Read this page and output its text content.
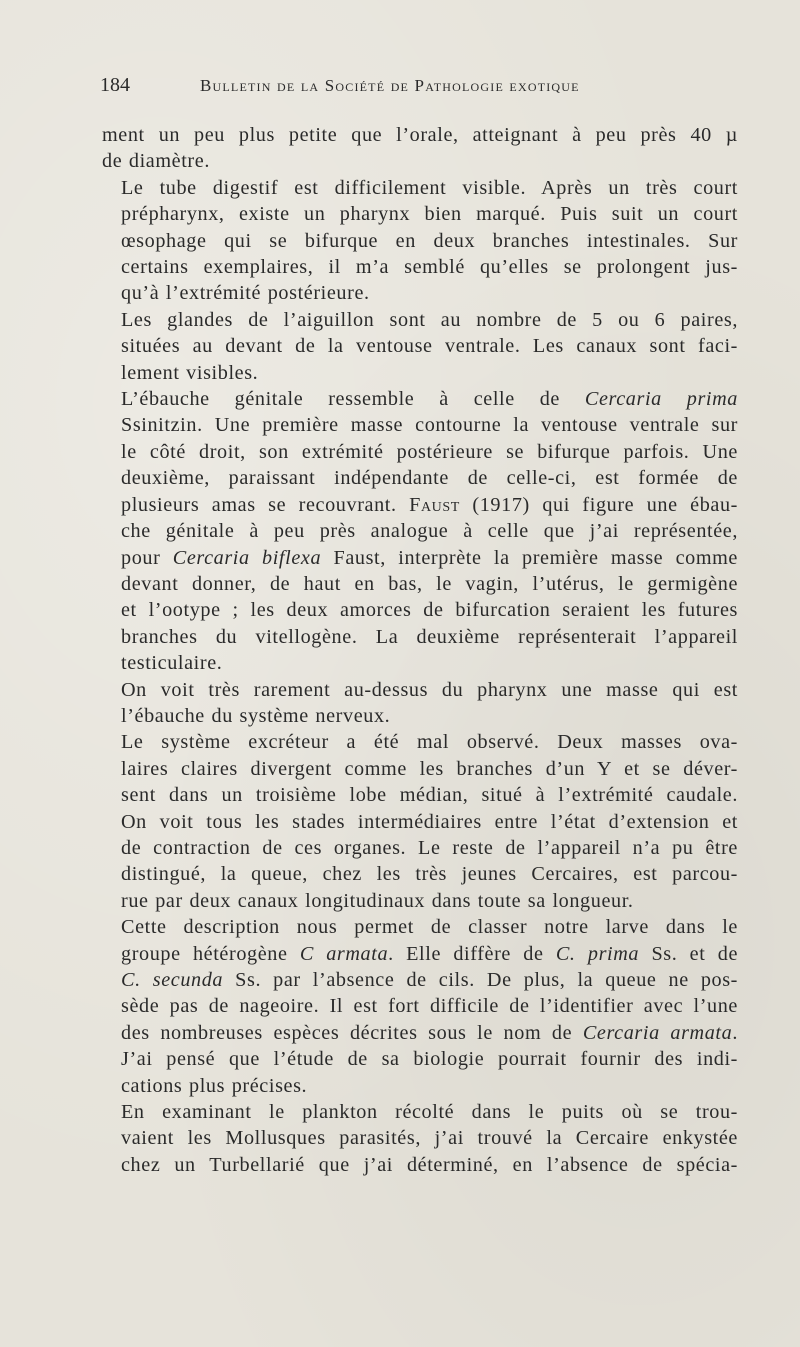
184	Bulletin de la Société de Pathologie exotique

ment un peu plus petite que l’orale, atteignant à peu près 40 µ
de diamètre.

Le tube digestif est difficilement visible. Après un très court
prépharynx, existe un pharynx bien marqué. Puis suit un court
œsophage qui se bifurque en deux branches intestinales. Sur
certains exemplaires, il m’a semblé qu’elles se prolongent jus-
qu’à l’extrémité postérieure.

Les glandes de l’aiguillon sont au nombre de 5 ou 6 paires,
situées au devant de la ventouse ventrale. Les canaux sont faci-
lement visibles.

L’ébauche génitale ressemble à celle de Cercaria prima
Ssinitzin. Une première masse contourne la ventouse ventrale sur
le côté droit, son extrémité postérieure se bifurque parfois. Une
deuxième, paraissant indépendante de celle-ci, est formée de
plusieurs amas se recouvrant. Faust (1917) qui figure une ébau-
che génitale à peu près analogue à celle que j’ai représentée,
pour Cercaria biflexa Faust, interprète la première masse comme
devant donner, de haut en bas, le vagin, l’utérus, le germigène
et l’ootype ; les deux amorces de bifurcation seraient les futures
branches du vitellogène. La deuxième représenterait l’appareil
testiculaire.

On voit très rarement au-dessus du pharynx une masse qui est
l’ébauche du système nerveux.

Le système excréteur a été mal observé. Deux masses ova-
laires claires divergent comme les branches d’un Y et se déver-
sent dans un troisième lobe médian, situé à l’extrémité caudale.
On voit tous les stades intermédiaires entre l’état d’extension et
de contraction de ces organes. Le reste de l’appareil n’a pu être
distingué, la queue, chez les très jeunes Cercaires, est parcou-
rue par deux canaux longitudinaux dans toute sa longueur.

Cette description nous permet de classer notre larve dans le
groupe hétérogène C armata. Elle diffère de C. prima Ss. et de
C. secunda Ss. par l’absence de cils. De plus, la queue ne pos-
sède pas de nageoire. Il est fort difficile de l’identifier avec l’une
des nombreuses espèces décrites sous le nom de Cercaria armata.
J’ai pensé que l’étude de sa biologie pourrait fournir des indi-
cations plus précises.

En examinant le plankton récolté dans le puits où se trou-
vaient les Mollusques parasités, j’ai trouvé la Cercaire enkystée
chez un Turbellarié que j’ai déterminé, en l’absence de spécia-
